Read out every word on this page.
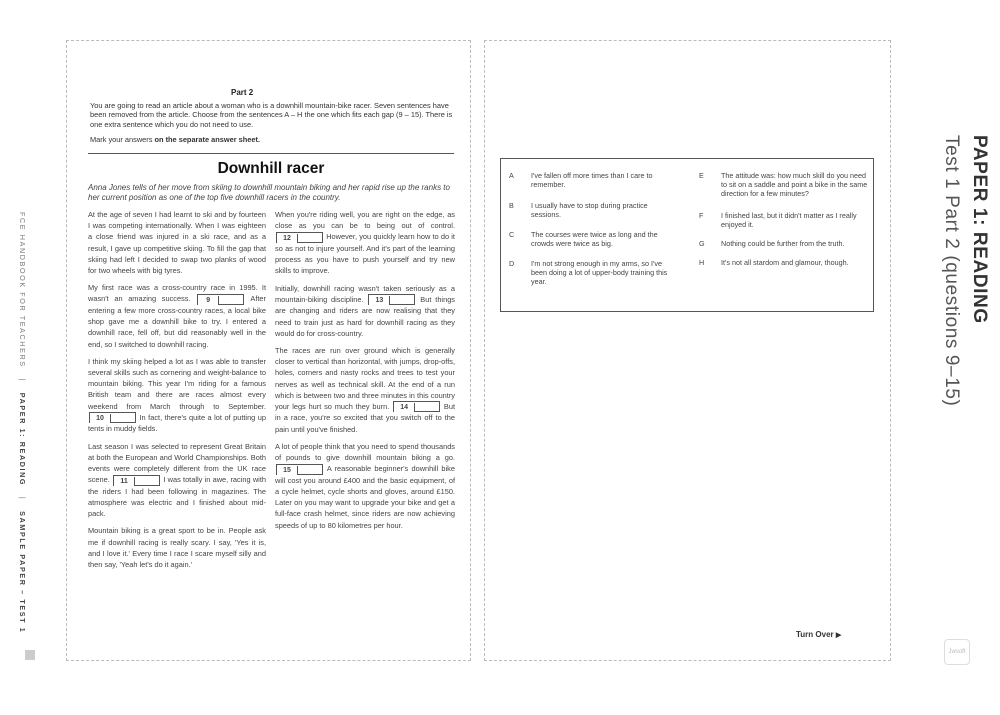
FCE HANDBOOK FOR TEACHERS   |   PAPER 1: READING   |   SAMPLE PAPER – TEST 1
Part 2
You are going to read an article about a woman who is a downhill mountain-bike racer. Seven sentences have been removed from the article. Choose from the sentences A – H the one which fits each gap (9 – 15). There is one extra sentence which you do not need to use.
Mark your answers on the separate answer sheet.
Downhill racer
Anna Jones tells of her move from skiing to downhill mountain biking and her rapid rise up the ranks to her current position as one of the top five downhill racers in the country.

At the age of seven I had learnt to ski and by fourteen I was competing internationally. When I was eighteen a close friend was injured in a ski race, and as a result, I gave up competitive skiing. To fill the gap that skiing had left I decided to swap two planks of wood for two wheels with big tyres.

My first race was a cross-country race in 1995. It wasn't an amazing success. 9	After entering a few more cross-country races, a local bike shop gave me a downhill bike to try. I entered a downhill race, fell off, but did reasonably well in the end, so I switched to downhill racing.

I think my skiing helped a lot as I was able to transfer several skills such as cornering and weight-balance to mountain biking. This year I'm riding for a famous British team and there are races almost every weekend from March through to September. 10	In fact, there's quite a lot of putting up tents in muddy fields.

Last season I was selected to represent Great Britain at both the European and World Championships. Both events were completely different from the UK race scene. 11	I was totally in awe, racing with the riders I had been following in magazines. The atmosphere was electric and I finished about mid-pack.

Mountain biking is a great sport to be in. People ask me if downhill racing is really scary. I say, 'Yes it is, and I love it.' Every time I race I scare myself silly and then say, 'Yeah let's do it again.'

When you're riding well, you are right on the edge, as close as you can be to being out of control. 12	However, you quickly learn how to do it so as not to injure yourself. And it's part of the learning process as you have to push yourself and try new skills to improve.

Initially, downhill racing wasn't taken seriously as a mountain-biking discipline. 13	But things are changing and riders are now realising that they need to train just as hard for downhill racing as they would do for cross-country.

The races are run over ground which is generally closer to vertical than horizontal, with jumps, drop-offs, holes, corners and nasty rocks and trees to test your nerves as well as technical skill. At the end of a run which is between two and three minutes in this country your legs hurt so much they burn. 14	But in a race, you're so excited that you switch off to the pain until you've finished.

A lot of people think that you need to spend thousands of pounds to give downhill mountain biking a go. 15	A reasonable beginner's downhill bike will cost you around £400 and the basic equipment, of a cycle helmet, cycle shorts and gloves, around £150. Later on you may want to upgrade your bike and get a full-face crash helmet, since riders are now achieving speeds of up to 80 kilometres per hour.

A	I've fallen off more times than I care to remember.
B	I usually have to stop during practice sessions.
C	The courses were twice as long and the crowds were twice as big.
D	I'm not strong enough in my arms, so I've been doing a lot of upper-body training this year.
E	The attitude was: how much skill do you need to sit on a saddle and point a bike in the same direction for a few minutes?
F	I finished last, but it didn't matter as I really enjoyed it.
G	Nothing could be further from the truth.
H	It's not all stardom and glamour, though.	PAPER 1: READING
Test 1 Part 2 (questions 9–15)
Turn Over ▶
Jwsoft
